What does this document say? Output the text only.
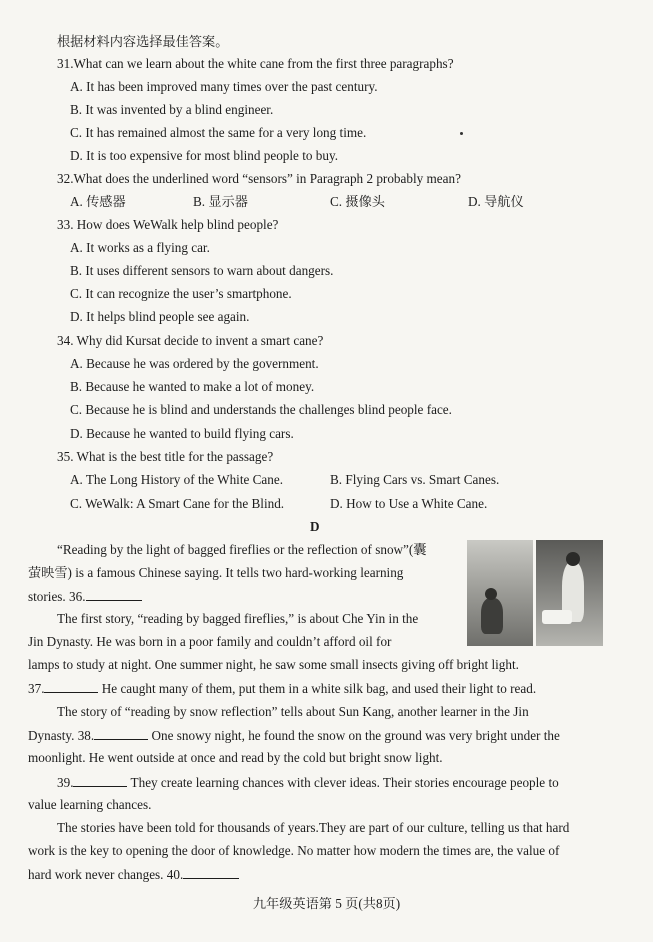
根据材料内容选择最佳答案。
31.What can we learn about the white cane from the first three paragraphs?
A. It has been improved many times over the past century.
B. It was invented by a blind engineer.
C. It has remained almost the same for a very long time.
D. It is too expensive for most blind people to buy.
32.What does the underlined word “sensors” in Paragraph 2 probably mean?
A. 传感器	B. 显示器	C. 摄像头	D. 导航仪
33. How does WeWalk help blind people?
A. It works as a flying car.
B. It uses different sensors to warn about dangers.
C. It can recognize the user’s smartphone.
D. It helps blind people see again.
34. Why did Kursat decide to invent a smart cane?
A. Because he was ordered by the government.
B. Because he wanted to make a lot of money.
C. Because he is blind and understands the challenges blind people face.
D. Because he wanted to build flying cars.
35. What is the best title for the passage?
A. The Long History of the White Cane.	B. Flying Cars vs. Smart Canes.
C. WeWalk: A Smart Cane for the Blind.	D. How to Use a White Cane.
D
“Reading by the light of bagged fireflies or the reflection of snow”(囊
萤映雪) is a famous Chinese saying. It tells two hard-working learning
stories. 36.
The first story, “reading by bagged fireflies,” is about Che Yin in the
Jin Dynasty. He was born in a poor family and couldn’t afford oil for
lamps to study at night. One summer night, he saw some small insects giving off bright light.
37.	He caught many of them, put them in a white silk bag, and used their light to read.
The story of “reading by snow reflection” tells about Sun Kang, another learner in the Jin
Dynasty. 38.	One snowy night, he found the snow on the ground was very bright under the
moonlight. He went outside at once and read by the cold but bright snow light.
39.	They create learning chances with clever ideas. Their stories encourage people to
value learning chances.
The stories have been told for thousands of years.They are part of our culture, telling us that hard
work is the key to opening the door of knowledge. No matter how modern the times are, the value of
hard work never changes. 40.
九年级英语第 5 页(共8页)
